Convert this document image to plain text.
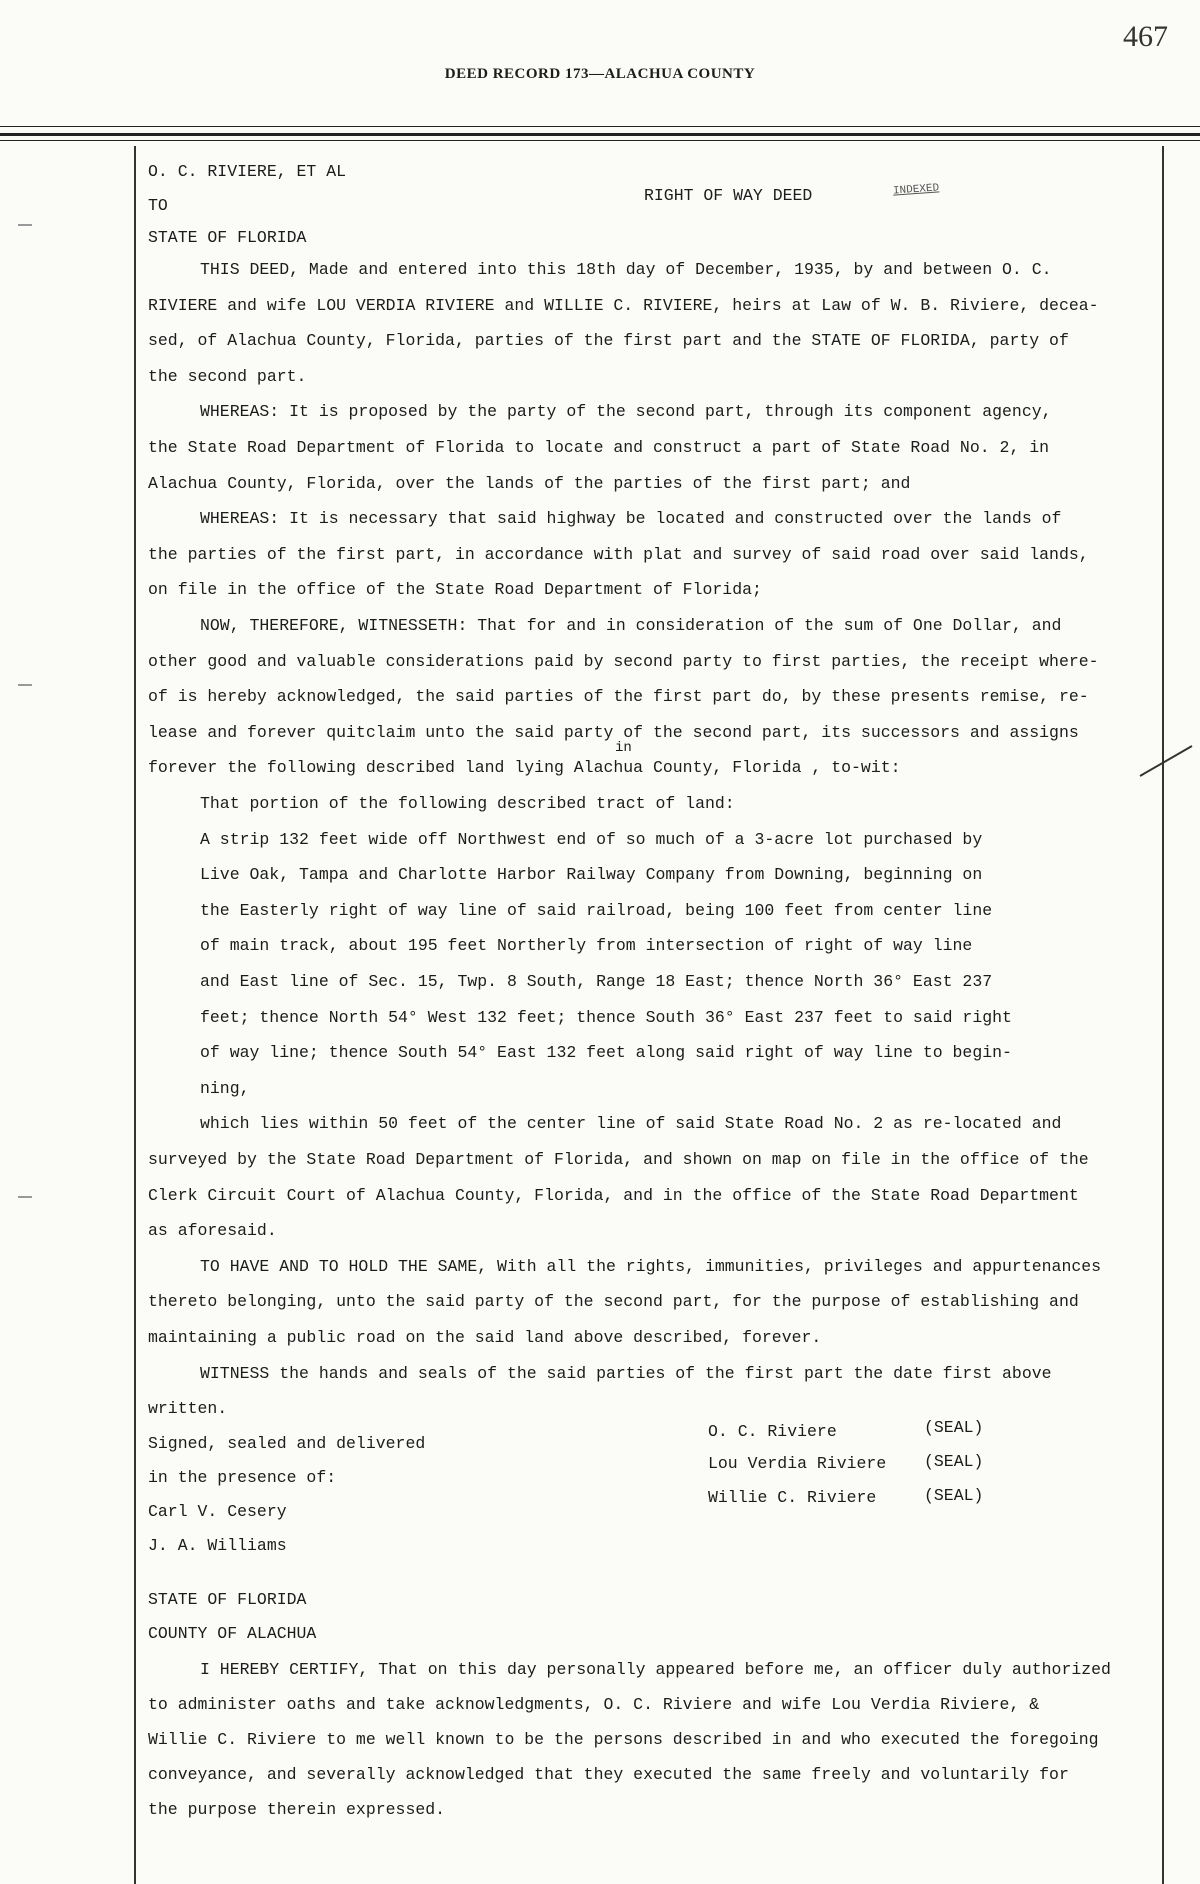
467
DEED RECORD 173—ALACHUA COUNTY
O. C. RIVIERE, ET AL
TO
RIGHT OF WAY DEED	INDEXED
STATE OF FLORIDA
THIS DEED, Made and entered into this 18th day of December, 1935, by and between O. C.
RIVIERE and wife LOU VERDIA RIVIERE and WILLIE C. RIVIERE, heirs at Law of W. B. Riviere, decea-
sed, of Alachua County, Florida, parties of the first part and the STATE OF FLORIDA, party of
the second part.
WHEREAS: It is proposed by the party of the second part, through its component agency,
the State Road Department of Florida to locate and construct a part of State Road No. 2, in
Alachua County, Florida, over the lands of the parties of the first part; and
WHEREAS: It is necessary that said highway be located and constructed over the lands of
the parties of the first part, in accordance with plat and survey of said road over said lands,
on file in the office of the State Road Department of Florida;
NOW, THEREFORE, WITNESSETH: That for and in consideration of the sum of One Dollar, and
other good and valuable considerations paid by second party to first parties, the receipt where-
of is hereby acknowledged, the said parties of the first part do, by these presents remise, re-
lease and forever quitclaim unto the said party of the second part, its successors and assigns
forever the following described land lying Alachua County, Florida , to-wit:
That portion of the following described tract of land:
A strip 132 feet wide off Northwest end of so much of a 3-acre lot purchased by
Live Oak, Tampa and Charlotte Harbor Railway Company from Downing, beginning on
the Easterly right of way line of said railroad, being 100 feet from center line
of main track, about 195 feet Northerly from intersection of right of way line
and East line of Sec. 15, Twp. 8 South, Range 18 East; thence North 36° East 237
feet; thence North 54° West 132 feet; thence South 36° East 237 feet to said right
of way line; thence South 54° East 132 feet along said right of way line to begin-
ning,
which lies within 50 feet of the center line of said State Road No. 2 as re-located and
surveyed by the State Road Department of Florida, and shown on map on file in the office of the
Clerk Circuit Court of Alachua County, Florida, and in the office of the State Road Department
as aforesaid.
TO HAVE AND TO HOLD THE SAME, With all the rights, immunities, privileges and appurtenances
thereto belonging, unto the said party of the second part, for the purpose of establishing and
maintaining a public road on the said land above described, forever.
WITNESS the hands and seals of the said parties of the first part the date first above
written.
in
Signed, sealed and delivered
in the presence of:
Carl V. Cesery
J. A. Williams
O. C. Riviere	(SEAL)
Lou Verdia Riviere (SEAL)
Willie C. Riviere	(SEAL)
STATE OF FLORIDA
COUNTY OF ALACHUA
I HEREBY CERTIFY, That on this day personally appeared before me, an officer duly authorized
to administer oaths and take acknowledgments, O. C. Riviere and wife Lou Verdia Riviere, &
Willie C. Riviere to me well known to be the persons described in and who executed the foregoing
conveyance, and severally acknowledged that they executed the same freely and voluntarily for
the purpose therein expressed.
